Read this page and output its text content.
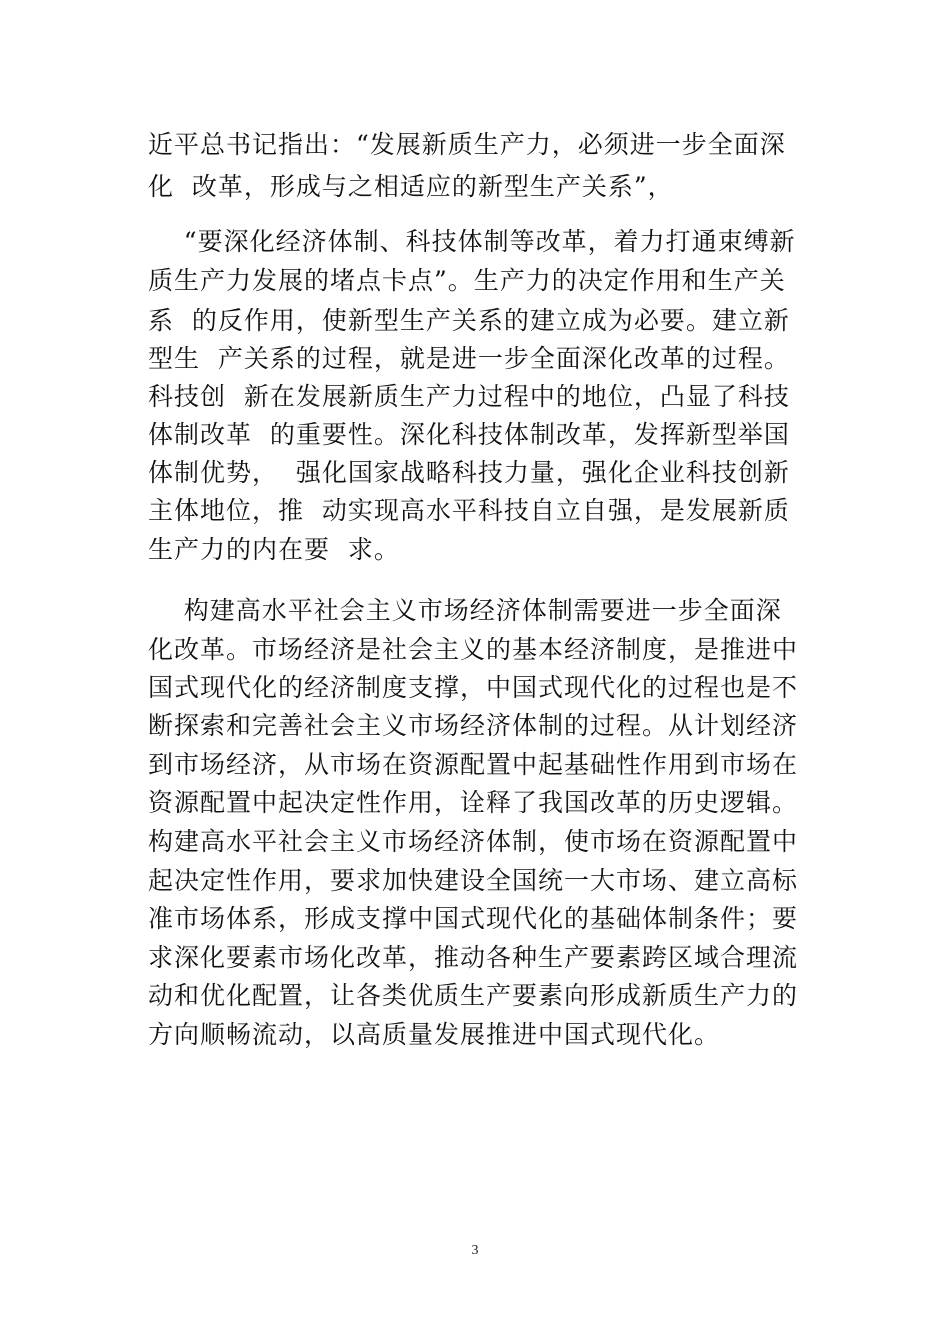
近平总书记指出：“发展新质生产力，必须进一步全面深

化  改革，形成与之相适应的新型生产关系”，

“要深化经济体制、科技体制等改革，着力打通束缚新

质生产力发展的堵点卡点”。生产力的决定作用和生产关

系  的反作用，使新型生产关系的建立成为必要。建立新

型生  产关系的过程，就是进一步全面深化改革的过程。

科技创  新在发展新质生产力过程中的地位，凸显了科技

体制改革  的重要性。深化科技体制改革，发挥新型举国

体制优势，  强化国家战略科技力量，强化企业科技创新

主体地位，推  动实现高水平科技自立自强，是发展新质

生产力的内在要  求。

构建高水平社会主义市场经济体制需要进一步全面深

化改革。市场经济是社会主义的基本经济制度，是推进中

国式现代化的经济制度支撑，中国式现代化的过程也是不

断探索和完善社会主义市场经济体制的过程。从计划经济

到市场经济，从市场在资源配置中起基础性作用到市场在

资源配置中起决定性作用，诠释了我国改革的历史逻辑。

构建高水平社会主义市场经济体制，使市场在资源配置中

起决定性作用，要求加快建设全国统一大市场、建立高标

准市场体系，形成支撑中国式现代化的基础体制条件；要

求深化要素市场化改革，推动各种生产要素跨区域合理流

动和优化配置，让各类优质生产要素向形成新质生产力的

方向顺畅流动，以高质量发展推进中国式现代化。

3
